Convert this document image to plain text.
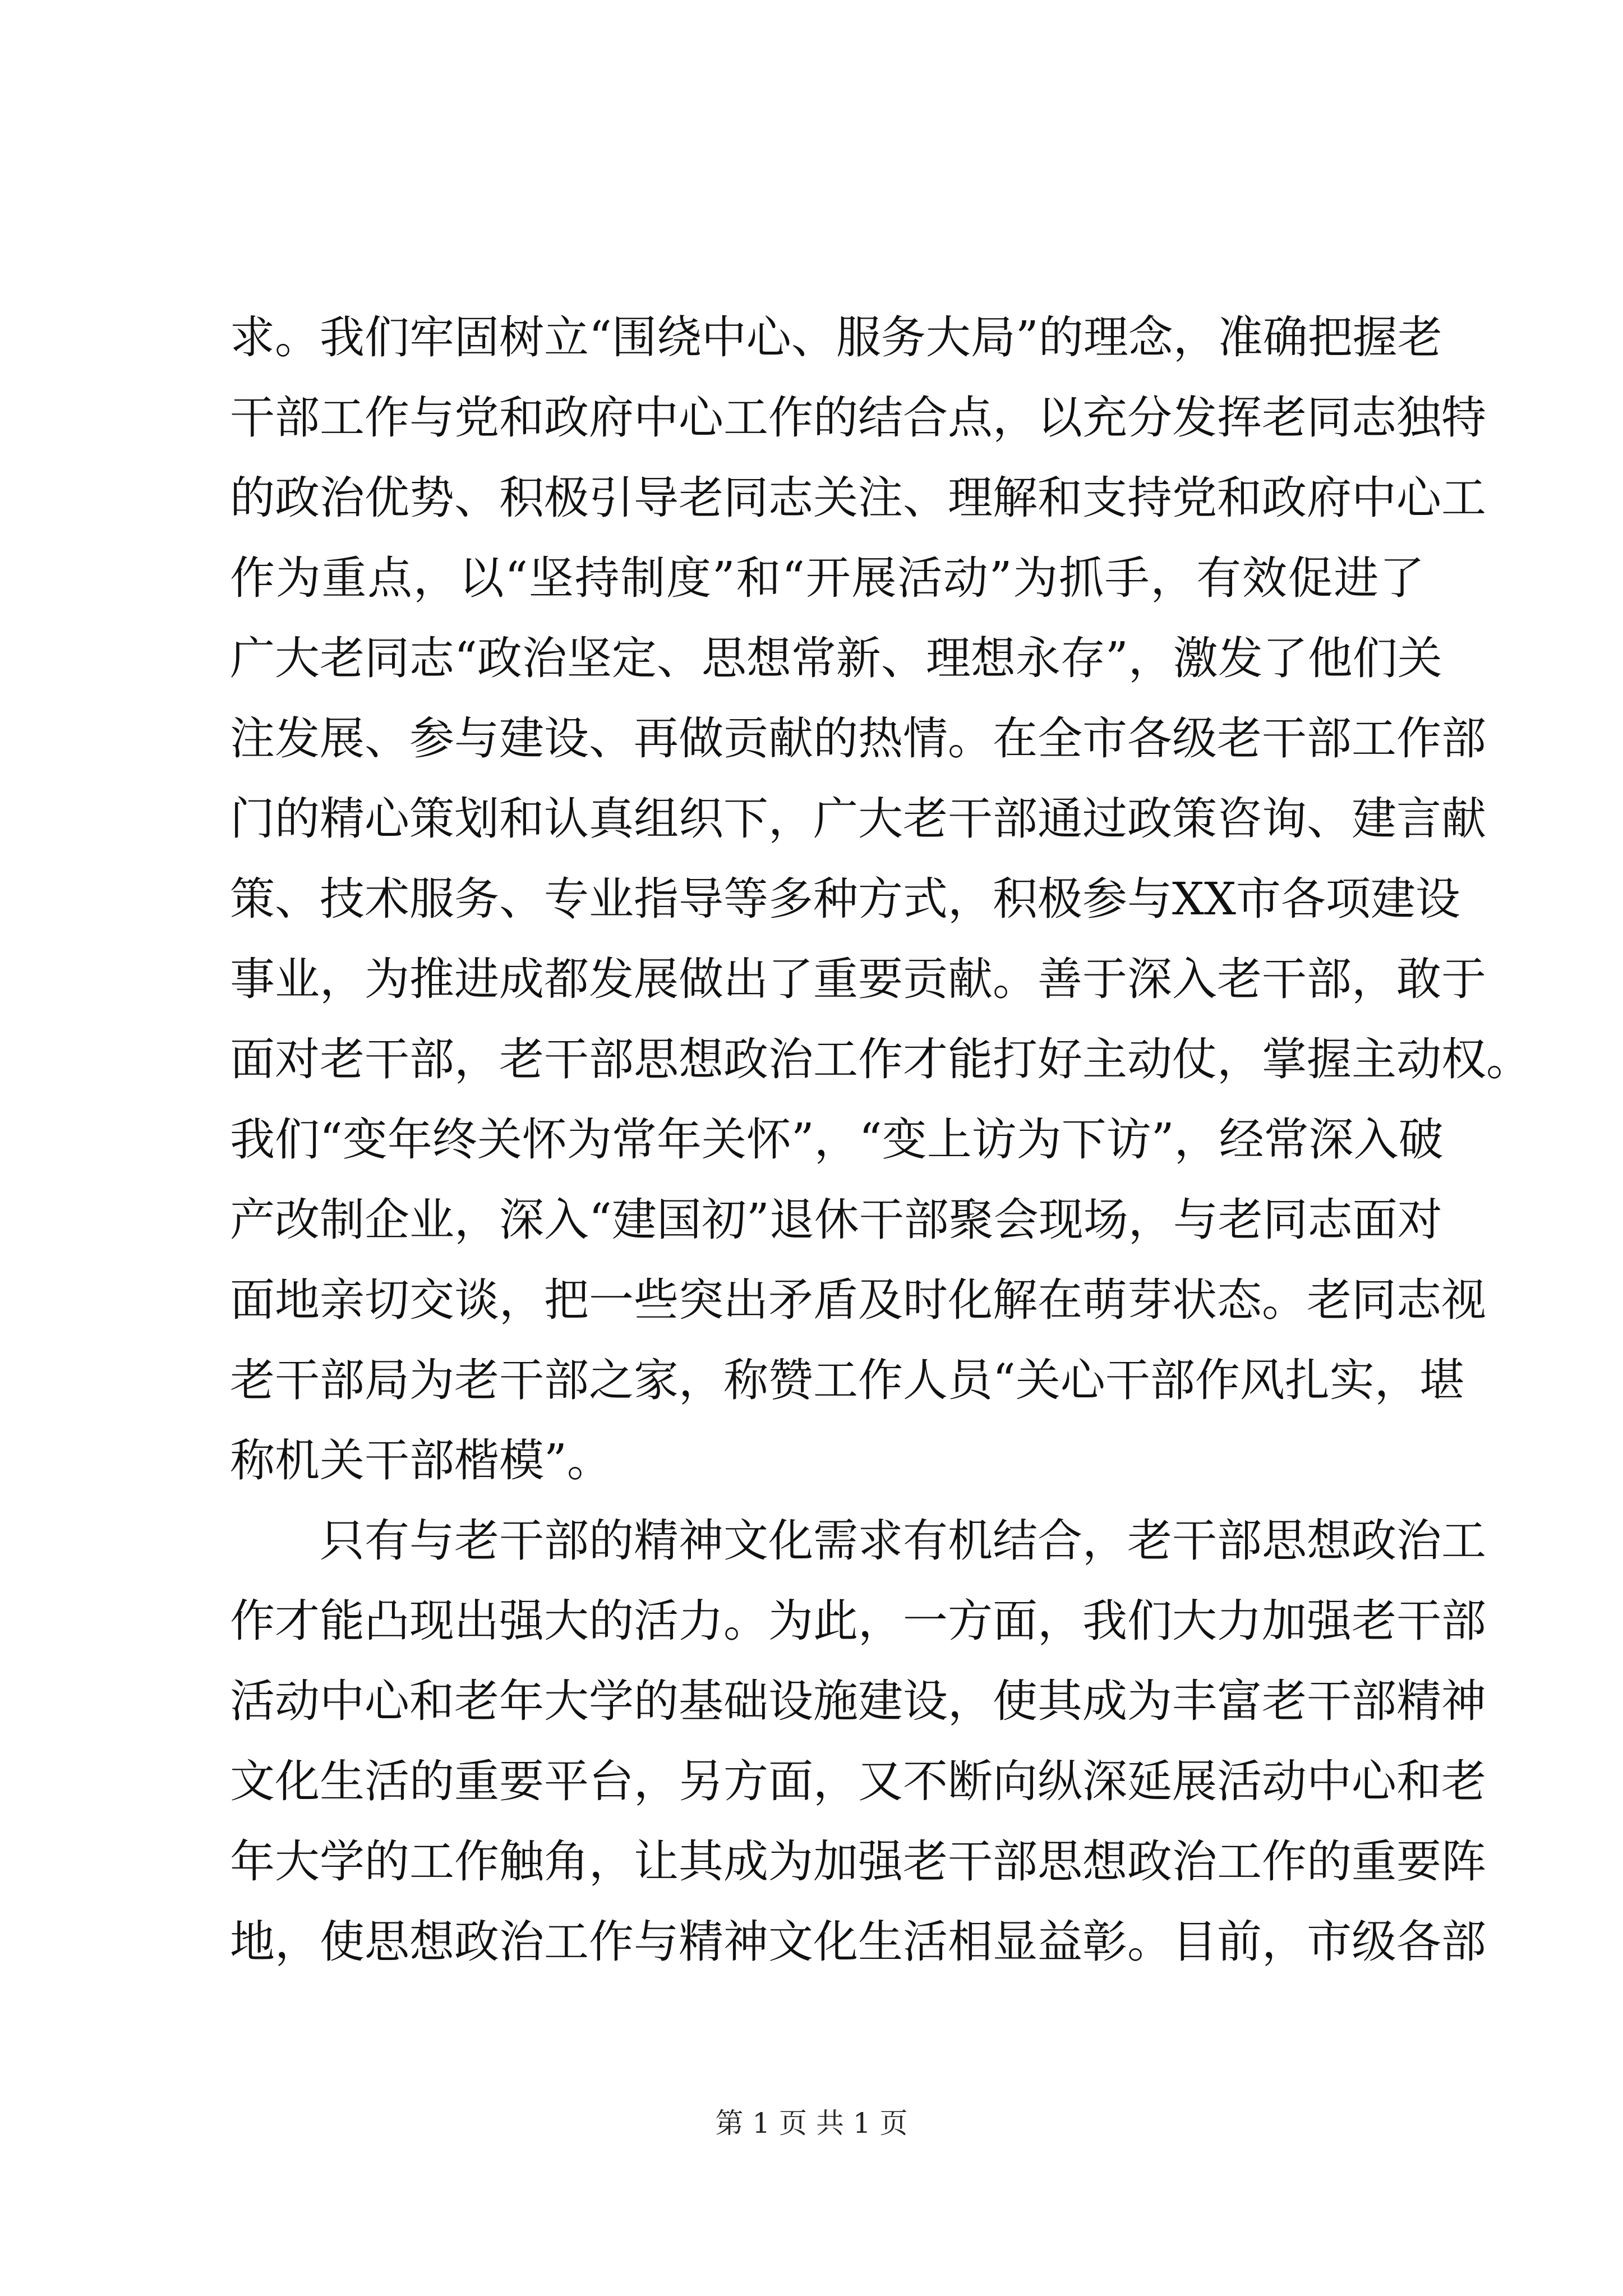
求。我们牢固树立“围绕中心、服务大局”的理念，准确把握老
干部工作与党和政府中心工作的结合点，以充分发挥老同志独特
的政治优势、积极引导老同志关注、理解和支持党和政府中心工
作为重点，以“坚持制度”和“开展活动”为抓手，有效促进了
广大老同志“政治坚定、思想常新、理想永存”，激发了他们关
注发展、参与建设、再做贡献的热情。在全市各级老干部工作部
门的精心策划和认真组织下，广大老干部通过政策咨询、建言献
策、技术服务、专业指导等多种方式，积极参与XX市各项建设
事业，为推进成都发展做出了重要贡献。善于深入老干部，敢于
面对老干部，老干部思想政治工作才能打好主动仗，掌握主动权。
我们“变年终关怀为常年关怀”，“变上访为下访”，经常深入破
产改制企业，深入“建国初”退休干部聚会现场，与老同志面对
面地亲切交谈，把一些突出矛盾及时化解在萌芽状态。老同志视
老干部局为老干部之家，称赞工作人员“关心干部作风扎实，堪
称机关干部楷模”。
　　只有与老干部的精神文化需求有机结合，老干部思想政治工
作才能凸现出强大的活力。为此，一方面，我们大力加强老干部
活动中心和老年大学的基础设施建设，使其成为丰富老干部精神
文化生活的重要平台，另方面，又不断向纵深延展活动中心和老
年大学的工作触角，让其成为加强老干部思想政治工作的重要阵
地，使思想政治工作与精神文化生活相显益彰。目前，市级各部
第 1 页 共 1 页
